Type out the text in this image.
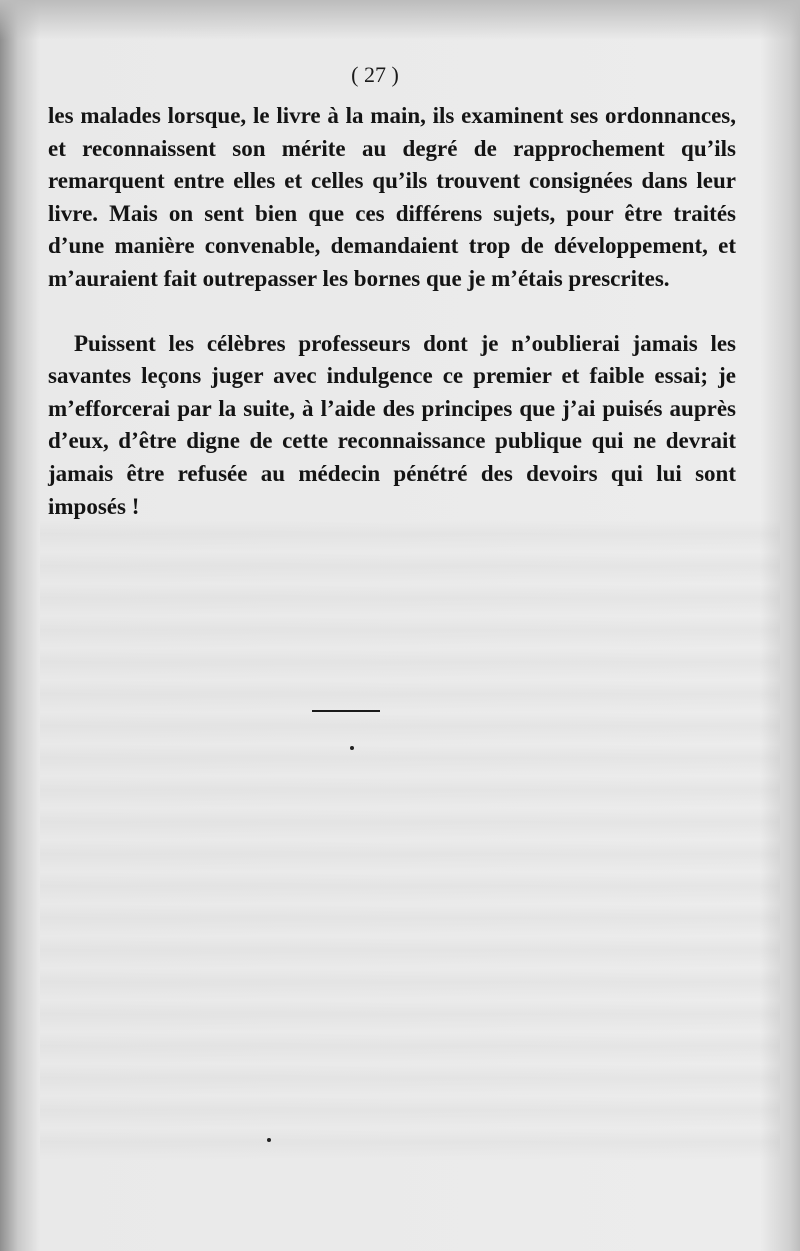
( 27 )

les malades lorsque, le livre à la main, ils examinent ses ordonnances, et reconnaissent son mérite au degré de rapprochement qu’ils remarquent entre elles et celles qu’ils trouvent consignées dans leur livre. Mais on sent bien que ces différens sujets, pour être traités d’une manière convenable, demandaient trop de développement, et m’auraient fait outrepasser les bornes que je m’étais prescrites.

Puissent les célèbres professeurs dont je n’oublierai jamais les savantes leçons juger avec indulgence ce premier et faible essai; je m’efforcerai par la suite, à l’aide des principes que j’ai puisés auprès d’eux, d’être digne de cette reconnaissance publique qui ne devrait jamais être refusée au médecin pénétré des devoirs qui lui sont imposés !
